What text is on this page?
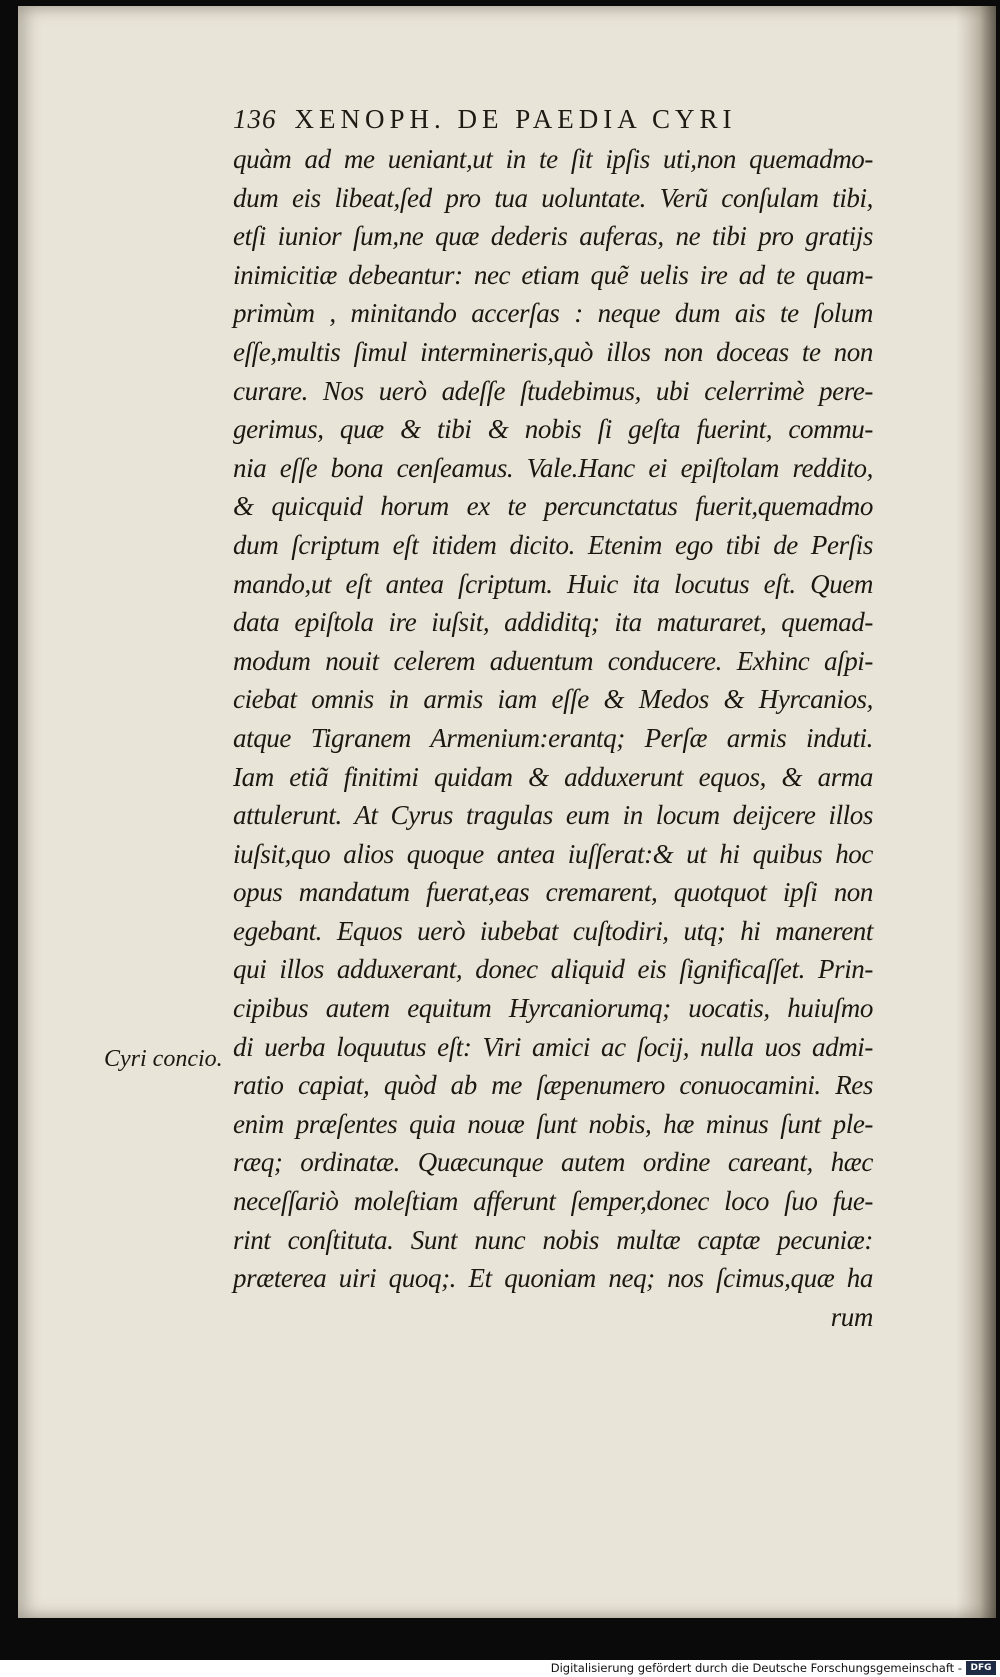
136 XENOPH. DE PAEDIA CYRI
Cyri concio.
quàm ad me ueniant,ut in te ſit ipſis uti,non quemadmo-
dum eis libeat,ſed pro tua uoluntate. Verũ conſulam tibi,
etſi iunior ſum,ne quæ dederis auferas, ne tibi pro gratijs
inimicitiæ debeantur: nec etiam quẽ uelis ire ad te quam-
primùm , minitando accerſas : neque dum ais te ſolum
eſſe,multis ſimul intermineris,quò illos non doceas te non
curare. Nos uerò adeſſe ſtudebimus, ubi celerrimè pere-
gerimus, quæ & tibi & nobis ſi geſta fuerint, commu-
nia eſſe bona cenſeamus. Vale.Hanc ei epiſtolam reddito,
& quicquid horum ex te percunctatus fuerit,quemadmo
dum ſcriptum eſt itidem dicito. Etenim ego tibi de Perſis
mando,ut eſt antea ſcriptum. Huic ita locutus eſt. Quem
data epiſtola ire iuſsit, addiditq; ita maturaret, quemad-
modum nouit celerem aduentum conducere. Exhinc aſpi-
ciebat omnis in armis iam eſſe & Medos & Hyrcanios,
atque Tigranem Armenium:erantq; Perſæ armis induti.
Iam etiã finitimi quidam & adduxerunt equos, & arma
attulerunt. At Cyrus tragulas eum in locum deijcere illos
iuſsit,quo alios quoque antea iuſſerat:& ut hi quibus hoc
opus mandatum fuerat,eas cremarent, quotquot ipſi non
egebant. Equos uerò iubebat cuſtodiri, utq; hi manerent
qui illos adduxerant, donec aliquid eis ſignificaſſet. Prin-
cipibus autem equitum Hyrcaniorumq; uocatis, huiuſmo
di uerba loquutus eſt: Viri amici ac ſocij, nulla uos admi-
ratio capiat, quòd ab me ſæpenumero conuocamini. Res
enim præſentes quia nouæ ſunt nobis, hæ minus ſunt ple-
ræq; ordinatæ. Quæcunque autem ordine careant, hæc
neceſſariò moleſtiam afferunt ſemper,donec loco ſuo fue-
rint conſtituta. Sunt nunc nobis multæ captæ pecuniæ:
præterea uiri quoq;. Et quoniam neq; nos ſcimus,quæ ha
rum
Digitalisierung gefördert durch die Deutsche Forschungsgemeinschaft - DFG
